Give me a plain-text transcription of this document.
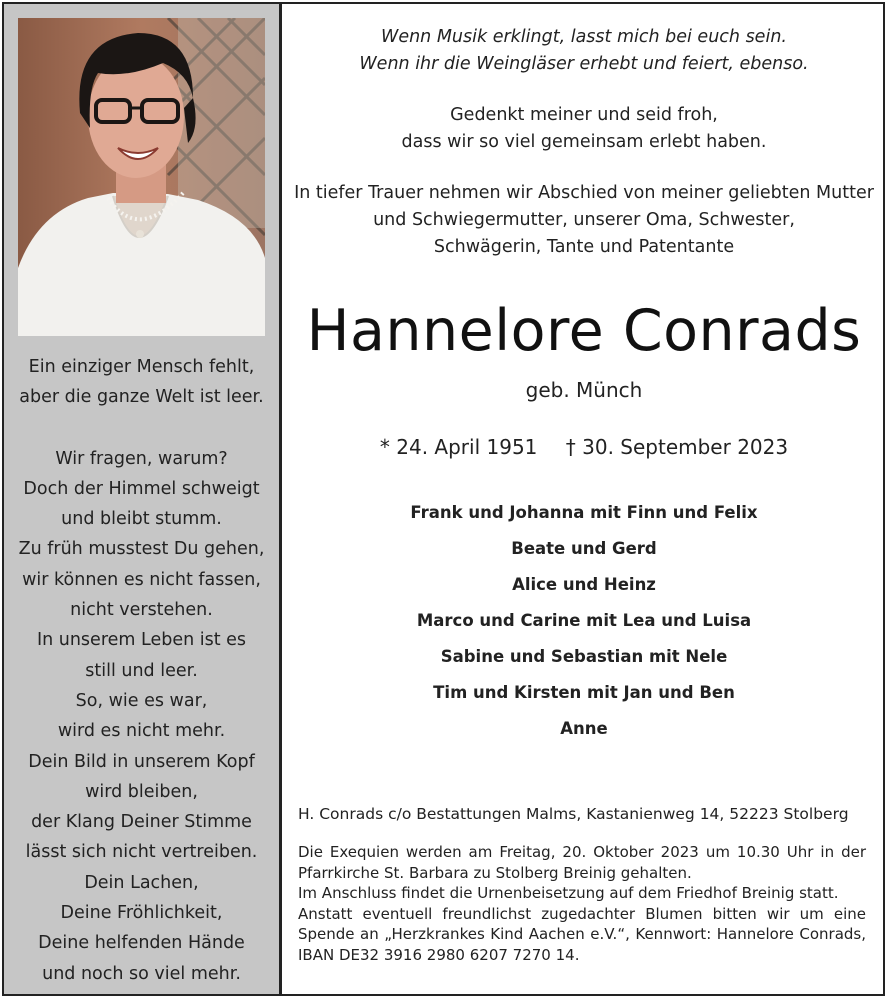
Ein einziger Mensch fehlt,
aber die ganze Welt ist leer.
Wir fragen, warum?
Doch der Himmel schweigt
und bleibt stumm.
Zu früh musstest Du gehen,
wir können es nicht fassen,
nicht verstehen.
In unserem Leben ist es
still und leer.
So, wie es war,
wird es nicht mehr.
Dein Bild in unserem Kopf
wird bleiben,
der Klang Deiner Stimme
lässt sich nicht vertreiben.
Dein Lachen,
Deine Fröhlichkeit,
Deine helfenden Hände
und noch so viel mehr.
Wenn Musik erklingt, lasst mich bei euch sein.
Wenn ihr die Weingläser erhebt und feiert, ebenso.
Gedenkt meiner und seid froh,
dass wir so viel gemeinsam erlebt haben.
In tiefer Trauer nehmen wir Abschied von meiner geliebten Mutter
und Schwiegermutter, unserer Oma, Schwester,
Schwägerin, Tante und Patentante
Hannelore Conrads
geb. Münch
* 24. April 1951 † 30. September 2023
Frank und Johanna mit Finn und Felix
Beate und Gerd
Alice und Heinz
Marco und Carine mit Lea und Luisa
Sabine und Sebastian mit Nele
Tim und Kirsten mit Jan und Ben
Anne
H. Conrads c/o Bestattungen Malms, Kastanienweg 14, 52223 Stolberg

Die Exequien werden am Freitag, 20. Oktober 2023 um 10.30 Uhr in der Pfarrkirche St. Barbara zu Stolberg Breinig gehalten.

Im Anschluss findet die Urnenbeisetzung auf dem Friedhof Breinig statt.

Anstatt eventuell freundlichst zugedachter Blumen bitten wir um eine Spende an „Herzkrankes Kind Aachen e.V.“, Kennwort: Hannelore Conrads, IBAN DE32 3916 2980 6207 7270 14.
